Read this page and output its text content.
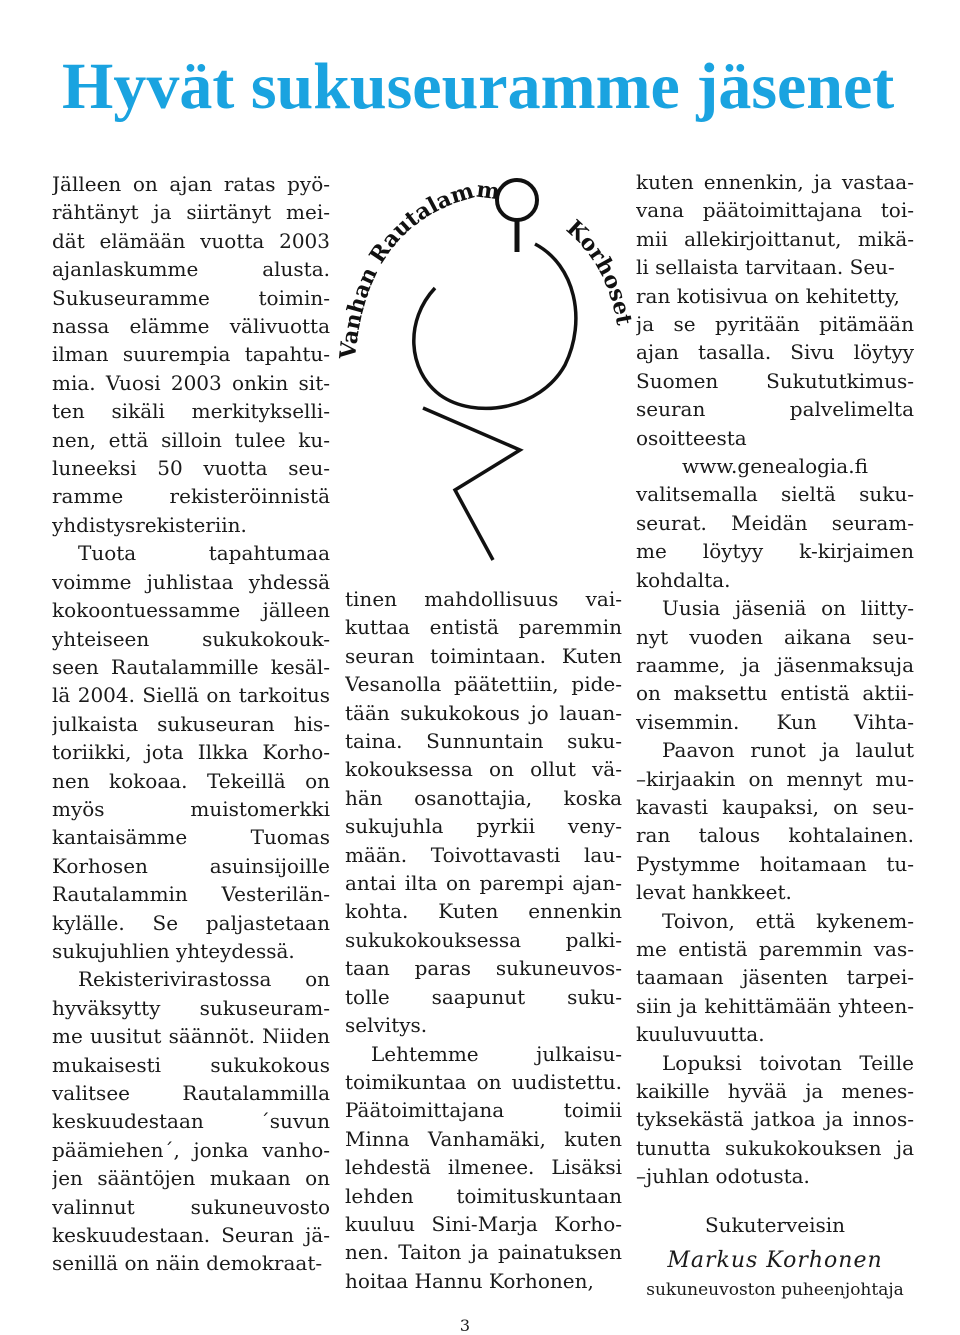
Hyvät sukuseuramme jäsenet
Vanhan Rautalamm
Korhoset
Jälleen on ajan ratas pyö-
rähtänyt ja siirtänyt mei-
dät elämään vuotta 2003
ajanlaskumme alusta.
Sukuseuramme toimin-
nassa elämme välivuotta
ilman suurempia tapahtu-
mia. Vuosi 2003 onkin sit-
ten sikäli merkitykselli-
nen, että silloin tulee ku-
luneeksi 50 vuotta seu-
ramme rekisteröinnistä
yhdistysrekisteriin.
Tuota tapahtumaa
voimme juhlistaa yhdessä
kokoontuessamme jälleen
yhteiseen sukukokouk-
seen Rautalammille kesäl-
lä 2004. Siellä on tarkoitus
julkaista sukuseuran his-
toriikki, jota Ilkka Korho-
nen kokoaa. Tekeillä on
myös muistomerkki
kantaisämme Tuomas
Korhosen asuinsijoille
Rautalammin Vesterilän-
kylälle. Se paljastetaan
sukujuhlien yhteydessä.
Rekisterivirastossa on
hyväksytty sukuseuram-
me uusitut säännöt. Niiden
mukaisesti sukukokous
valitsee Rautalammilla
keskuudestaan ´suvun
päämiehen´, jonka vanho-
jen sääntöjen mukaan on
valinnut sukuneuvosto
keskuudestaan. Seuran jä-
senillä on näin demokraat-
tinen mahdollisuus vai-
kuttaa entistä paremmin
seuran toimintaan. Kuten
Vesanolla päätettiin, pide-
tään sukukokous jo lauan-
taina. Sunnuntain suku-
kokouksessa on ollut vä-
hän osanottajia, koska
sukujuhla pyrkii veny-
mään. Toivottavasti lau-
antai ilta on parempi ajan-
kohta. Kuten ennenkin
sukukokouksessa palki-
taan paras sukuneuvos-
tolle saapunut suku-
selvitys.
Lehtemme julkaisu-
toimikuntaa on uudistettu.
Päätoimittajana toimii
Minna Vanhamäki, kuten
lehdestä ilmenee. Lisäksi
lehden toimituskuntaan
kuuluu Sini-Marja Korho-
nen. Taiton ja painatuksen
hoitaa Hannu Korhonen,
kuten ennenkin, ja vastaa-
vana päätoimittajana toi-
mii allekirjoittanut, mikä-
li sellaista tarvitaan. Seu-
ran kotisivua on kehitetty,
ja se pyritään pitämään
ajan tasalla. Sivu löytyy
Suomen Sukututkimus-
seuran palvelimelta
osoitteesta
www.genealogia.fi
valitsemalla sieltä suku-
seurat. Meidän seuram-
me löytyy k-kirjaimen
kohdalta.
Uusia jäseniä on liitty-
nyt vuoden aikana seu-
raamme, ja jäsenmaksuja
on maksettu entistä aktii-
visemmin. Kun Vihta-
Paavon runot ja laulut
–kirjaakin on mennyt mu-
kavasti kaupaksi, on seu-
ran talous kohtalainen.
Pystymme hoitamaan tu-
levat hankkeet.
Toivon, että kykenem-
me entistä paremmin vas-
taamaan jäsenten tarpei-
siin ja kehittämään yhteen-
kuuluvuutta.
Lopuksi toivotan Teille
kaikille hyvää ja menes-
tyksekästä jatkoa ja innos-
tunutta sukukokouksen ja
–juhlan odotusta.
Sukuterveisin
Markus Korhonen
sukuneuvoston puheenjohtaja
3
